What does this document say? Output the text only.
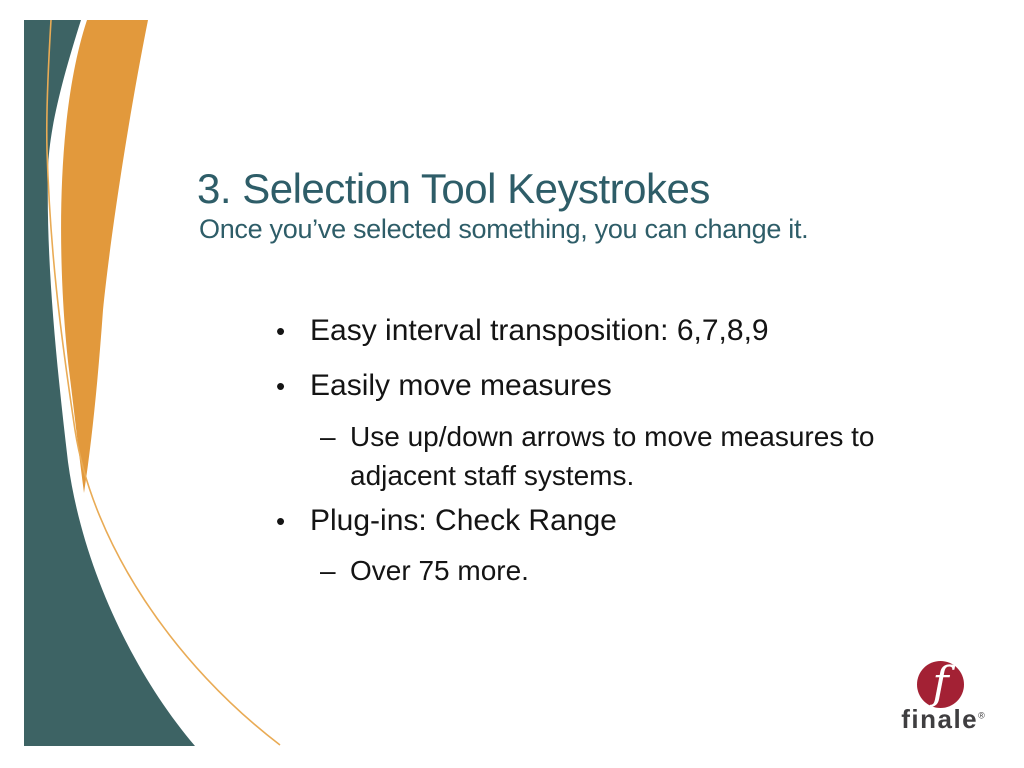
3. Selection Tool Keystrokes
Once you’ve selected something, you can change it.
• Easy interval transposition: 6,7,8,9
• Easily move measures
– Use up/down arrows to move measures to
adjacent staff systems.
• Plug-ins: Check Range
– Over 75 more.
f
finale®
